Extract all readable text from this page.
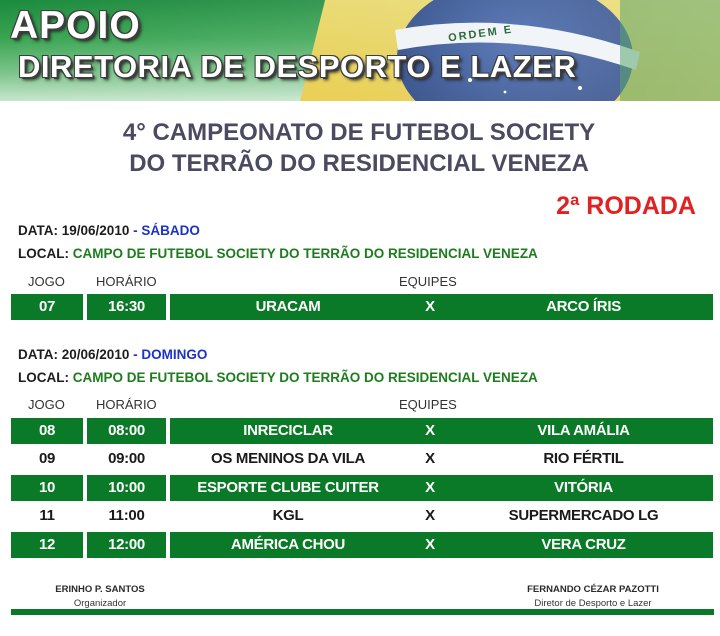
ORDEM E
APOIO
DIRETORIA DE DESPORTO E LAZER
4° CAMPEONATO DE FUTEBOL SOCIETY
DO TERRÃO DO RESIDENCIAL VENEZA
2ª RODADA
DATA: 19/06/2010 - SÁBADO
LOCAL: CAMPO DE FUTEBOL SOCIETY DO TERRÃO DO RESIDENCIAL VENEZA
JOGO HORÁRIO	EQUIPES
07	16:30	URACAM	X	ARCO ÍRIS
DATA: 20/06/2010 - DOMINGO
LOCAL: CAMPO DE FUTEBOL SOCIETY DO TERRÃO DO RESIDENCIAL VENEZA
JOGO HORÁRIO	EQUIPES
08	08:00	INRECICLAR	X	VILA AMÁLIA
09	09:00	OS MENINOS DA VILA	X	RIO FÉRTIL
10	10:00	ESPORTE CLUBE CUITER	X	VITÓRIA
11	11:00	KGL	X	SUPERMERCADO LG
12	12:00	AMÉRICA CHOU	X	VERA CRUZ
ERINHO P. SANTOS
Organizador
FERNANDO CÉZAR PAZOTTI
Diretor de Desporto e Lazer
